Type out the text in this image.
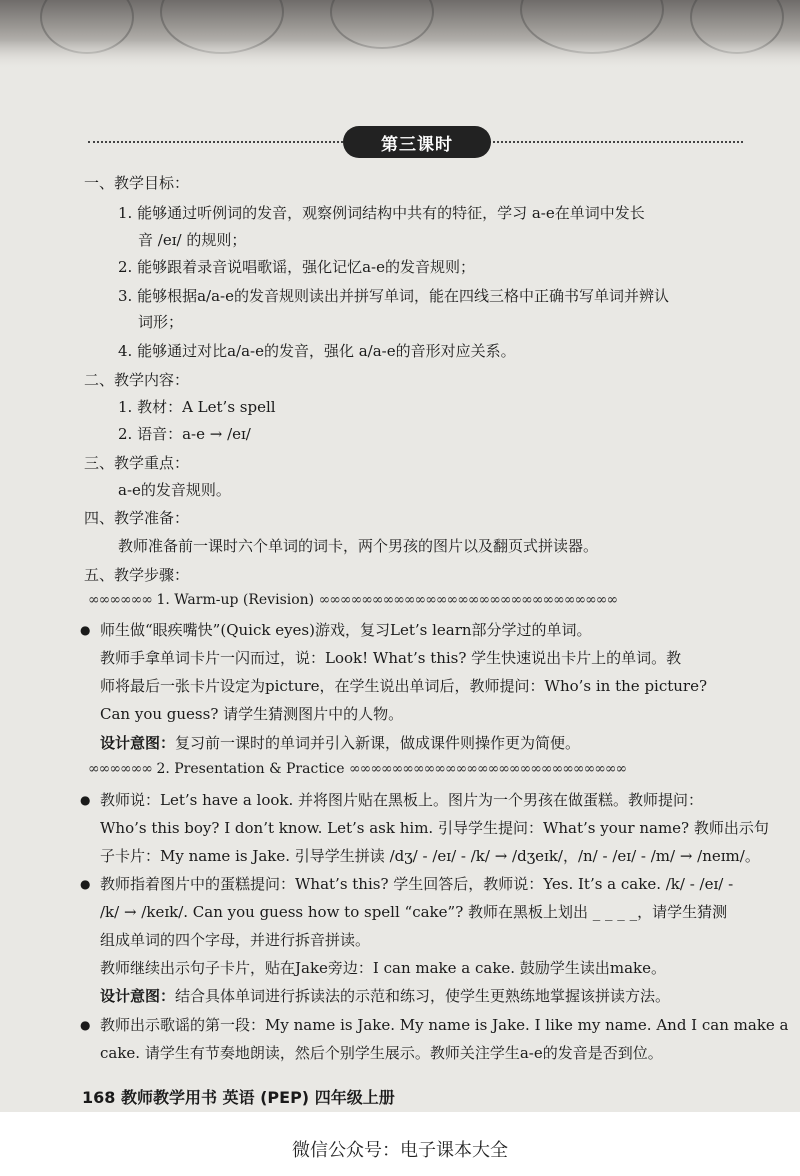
第三课时
一、教学目标：
1. 能够通过听例词的发音，观察例词结构中共有的特征，学习 a-e在单词中发长
音 /eɪ/ 的规则；
2. 能够跟着录音说唱歌谣，强化记忆a-e的发音规则；
3. 能够根据a/a-e的发音规则读出并拼写单词，能在四线三格中正确书写单词并辨认
词形；
4. 能够通过对比a/a-e的发音，强化 a/a-e的音形对应关系。
二、教学内容：
1. 教材：A Let’s spell
2. 语音：a-e → /eɪ/
三、教学重点：
a-e的发音规则。
四、教学准备：
教师准备前一课时六个单词的词卡，两个男孩的图片以及翻页式拼读器。
五、教学步骤：
∞∞∞∞∞∞ 1. Warm-up (Revision) ∞∞∞∞∞∞∞∞∞∞∞∞∞∞∞∞∞∞∞∞∞∞∞∞∞∞∞∞
● 师生做“眼疾嘴快”(Quick eyes)游戏，复习Let’s learn部分学过的单词。
教师手拿单词卡片一闪而过，说：Look! What’s this? 学生快速说出卡片上的单词。教
师将最后一张卡片设定为picture，在学生说出单词后，教师提问：Who’s in the picture?
Can you guess? 请学生猜测图片中的人物。
设计意图：复习前一课时的单词并引入新课，做成课件则操作更为简便。
∞∞∞∞∞∞ 2. Presentation & Practice ∞∞∞∞∞∞∞∞∞∞∞∞∞∞∞∞∞∞∞∞∞∞∞∞∞∞
● 教师说：Let’s have a look. 并将图片贴在黑板上。图片为一个男孩在做蛋糕。教师提问：
Who’s this boy? I don’t know. Let’s ask him. 引导学生提问：What’s your name? 教师出示句
子卡片：My name is Jake. 引导学生拼读 /dʒ/ - /eɪ/ - /k/ → /dʒeɪk/，/n/ - /eɪ/ - /m/ → /neɪm/。
● 教师指着图片中的蛋糕提问：What’s this? 学生回答后，教师说：Yes. It’s a cake. /k/ - /eɪ/ -
/k/ → /keɪk/. Can you guess how to spell “cake”? 教师在黑板上划出 _ _ _ _，请学生猜测
组成单词的四个字母，并进行拆音拼读。
教师继续出示句子卡片，贴在Jake旁边：I can make a cake. 鼓励学生读出make。
设计意图：结合具体单词进行拆读法的示范和练习，使学生更熟练地掌握该拼读方法。
● 教师出示歌谣的第一段：My name is Jake. My name is Jake. I like my name. And I can make a
cake. 请学生有节奏地朗读，然后个别学生展示。教师关注学生a-e的发音是否到位。
168 教师教学用书 英语 (PEP) 四年级上册
微信公众号：电子课本大全
